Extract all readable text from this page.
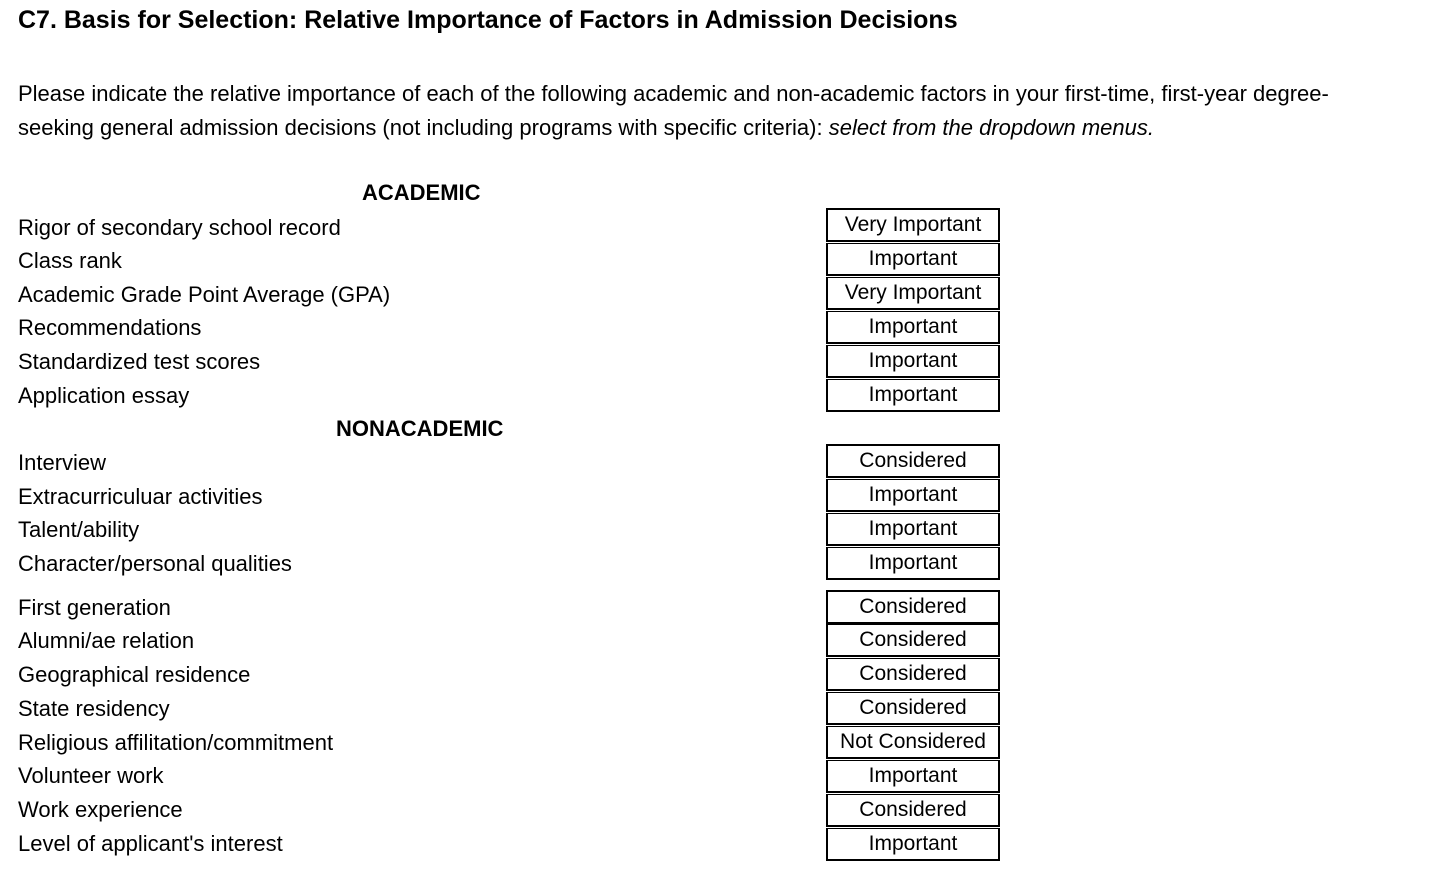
C7. Basis for Selection: Relative Importance of Factors in Admission Decisions
Please indicate the relative importance of each of the following academic and non-academic factors in your first-time, first-year degree-
seeking general admission decisions (not including programs with specific criteria): select from the dropdown menus.
ACADEMIC
Rigor of secondary school record	Very Important
Class rank	Important
Academic Grade Point Average (GPA)	Very Important
Recommendations	Important
Standardized test scores	Important
Application essay	Important
NONACADEMIC
Interview	Considered
Extracurriculuar activities	Important
Talent/ability	Important
Character/personal qualities	Important
First generation	Considered
Alumni/ae relation	Considered
Geographical residence	Considered
State residency	Considered
Religious affilitation/commitment	Not Considered
Volunteer work	Important
Work experience	Considered
Level of applicant's interest	Important
